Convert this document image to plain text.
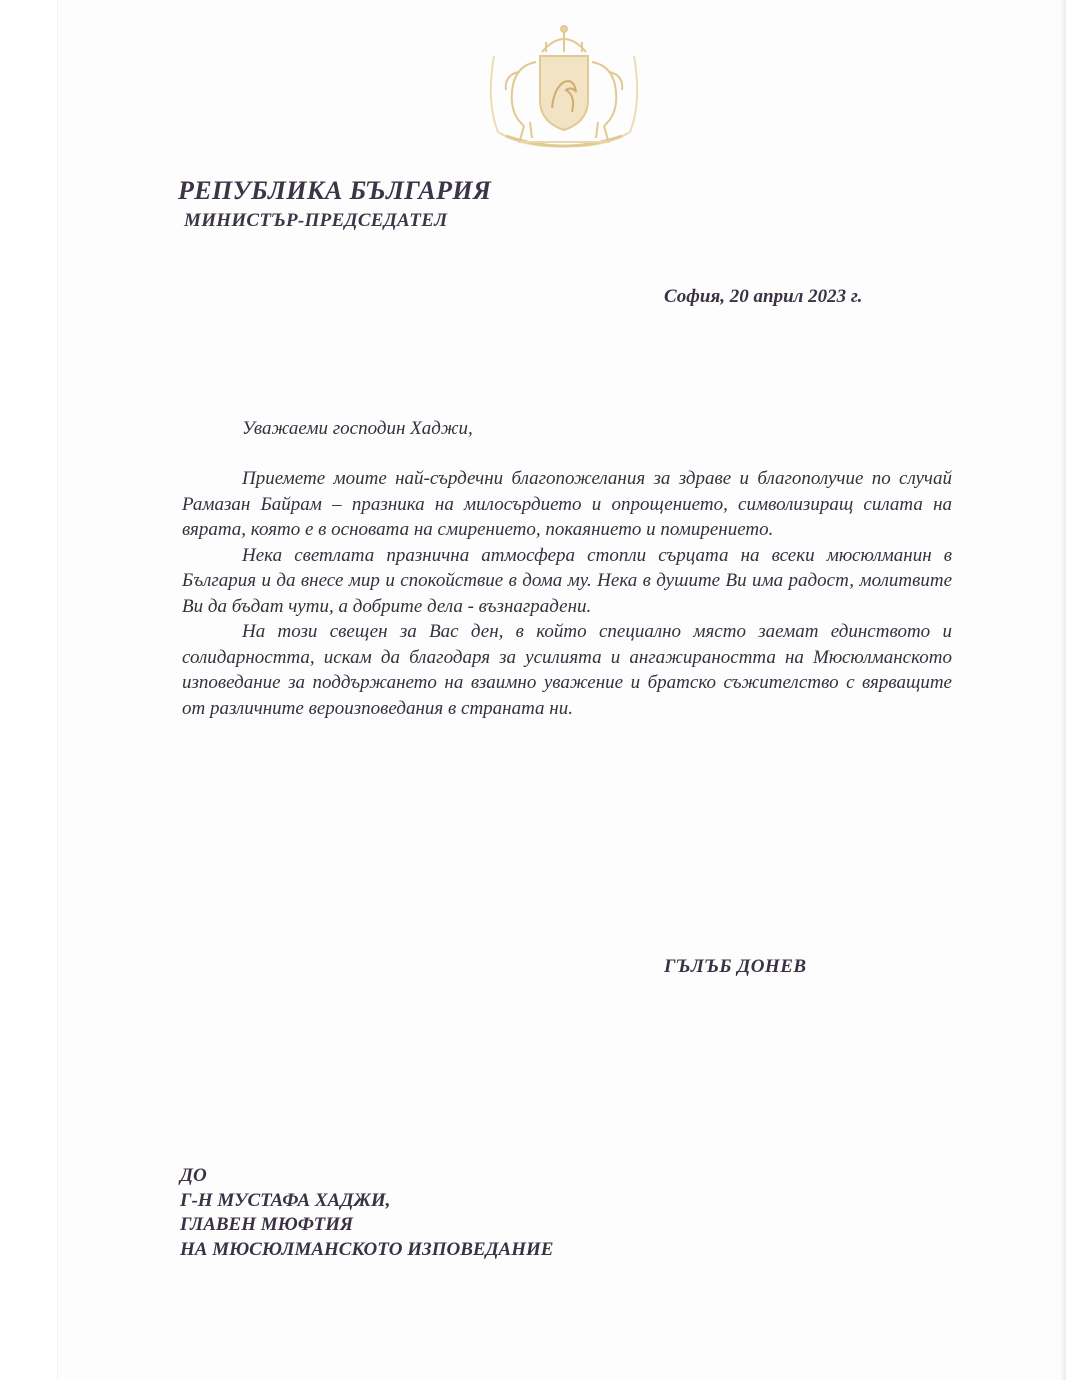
РЕПУБЛИКА БЪЛГАРИЯ
МИНИСТЪР-ПРЕДСЕДАТЕЛ
София, 20 април 2023 г.
Уважаеми господин Хаджи,

Приемете моите най-сърдечни благопожелания за здраве и благополучие по случай Рамазан Байрам – празника на милосърдието и опрощението, символизиращ силата на вярата, която е в основата на смирението, покаянието и помирението.

Нека светлата празнична атмосфера стопли сърцата на всеки мюсюлманин в България и да внесе мир и спокойствие в дома му. Нека в душите Ви има радост, молитвите Ви да бъдат чути, а добрите дела - възнаградени.

На този свещен за Вас ден, в който специално място заемат единството и солидарността, искам да благодаря за усилията и ангажираността на Мюсюлманското изповедание за поддържането на взаимно уважение и братско съжителство с вярващите от различните вероизповедания в страната ни.

ГЪЛЪБ ДОНЕВ
ДО
Г-Н МУСТАФА ХАДЖИ,
ГЛАВЕН МЮФТИЯ
НА МЮСЮЛМАНСКОТО ИЗПОВЕДАНИЕ
